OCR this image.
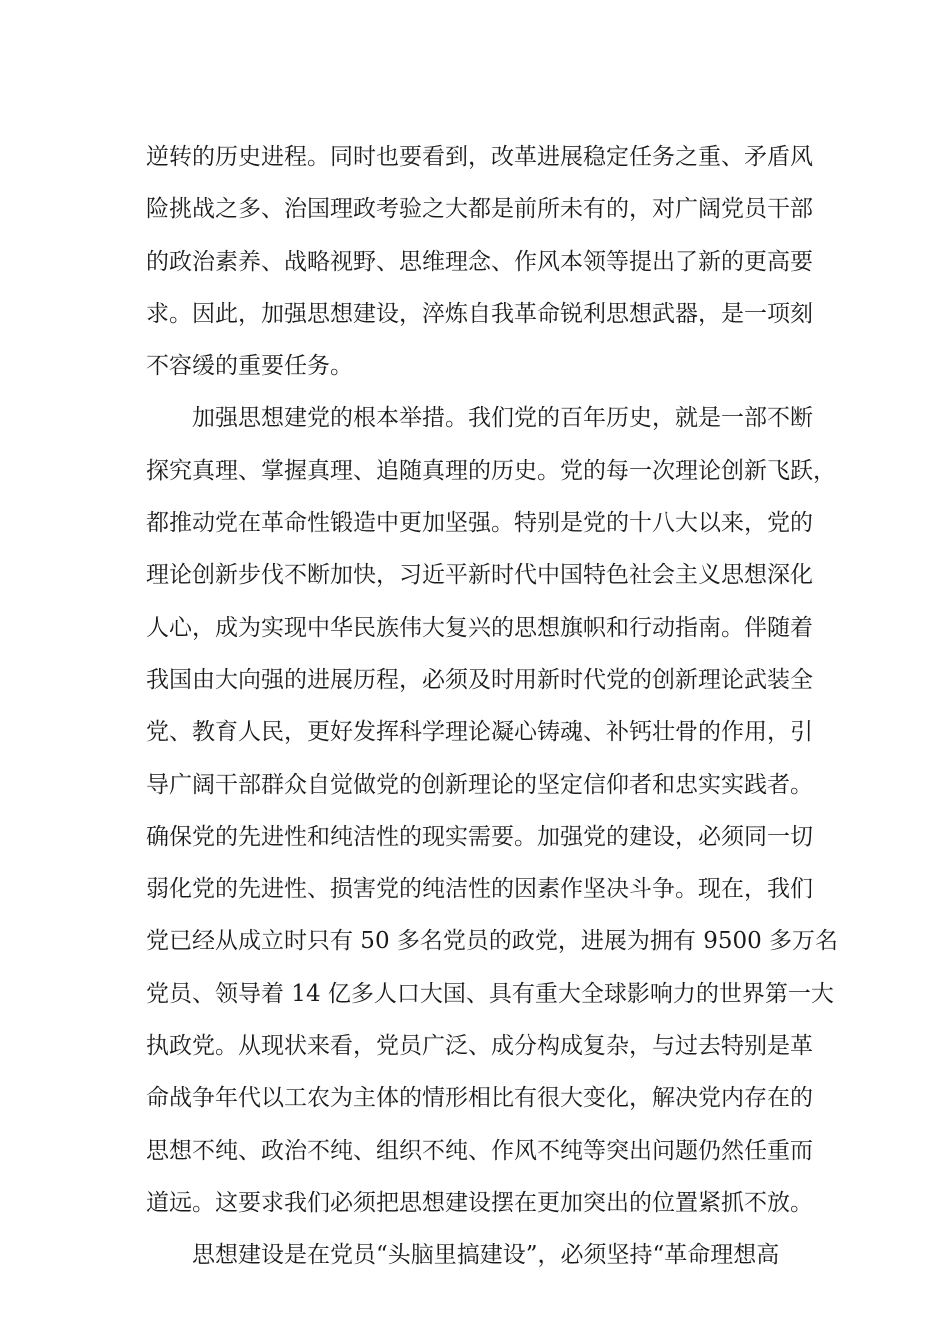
逆转的历史进程。同时也要看到，改革进展稳定任务之重、矛盾风
险挑战之多、治国理政考验之大都是前所未有的，对广阔党员干部
的政治素养、战略视野、思维理念、作风本领等提出了新的更高要
求。因此，加强思想建设，淬炼自我革命锐利思想武器，是一项刻
不容缓的重要任务。
加强思想建党的根本举措。我们党的百年历史，就是一部不断
探究真理、掌握真理、追随真理的历史。党的每一次理论创新飞跃，
都推动党在革命性锻造中更加坚强。特别是党的十八大以来，党的
理论创新步伐不断加快，习近平新时代中国特色社会主义思想深化
人心，成为实现中华民族伟大复兴的思想旗帜和行动指南。伴随着
我国由大向强的进展历程，必须及时用新时代党的创新理论武装全
党、教育人民，更好发挥科学理论凝心铸魂、补钙壮骨的作用，引
导广阔干部群众自觉做党的创新理论的坚定信仰者和忠实实践者。
确保党的先进性和纯洁性的现实需要。加强党的建设，必须同一切
弱化党的先进性、损害党的纯洁性的因素作坚决斗争。现在，我们
党已经从成立时只有 50 多名党员的政党，进展为拥有 9500 多万名
党员、领导着 14 亿多人口大国、具有重大全球影响力的世界第一大
执政党。从现状来看，党员广泛、成分构成复杂，与过去特别是革
命战争年代以工农为主体的情形相比有很大变化，解决党内存在的
思想不纯、政治不纯、组织不纯、作风不纯等突出问题仍然任重而
道远。这要求我们必须把思想建设摆在更加突出的位置紧抓不放。
思想建设是在党员“头脑里搞建设”，必须坚持“革命理想高
